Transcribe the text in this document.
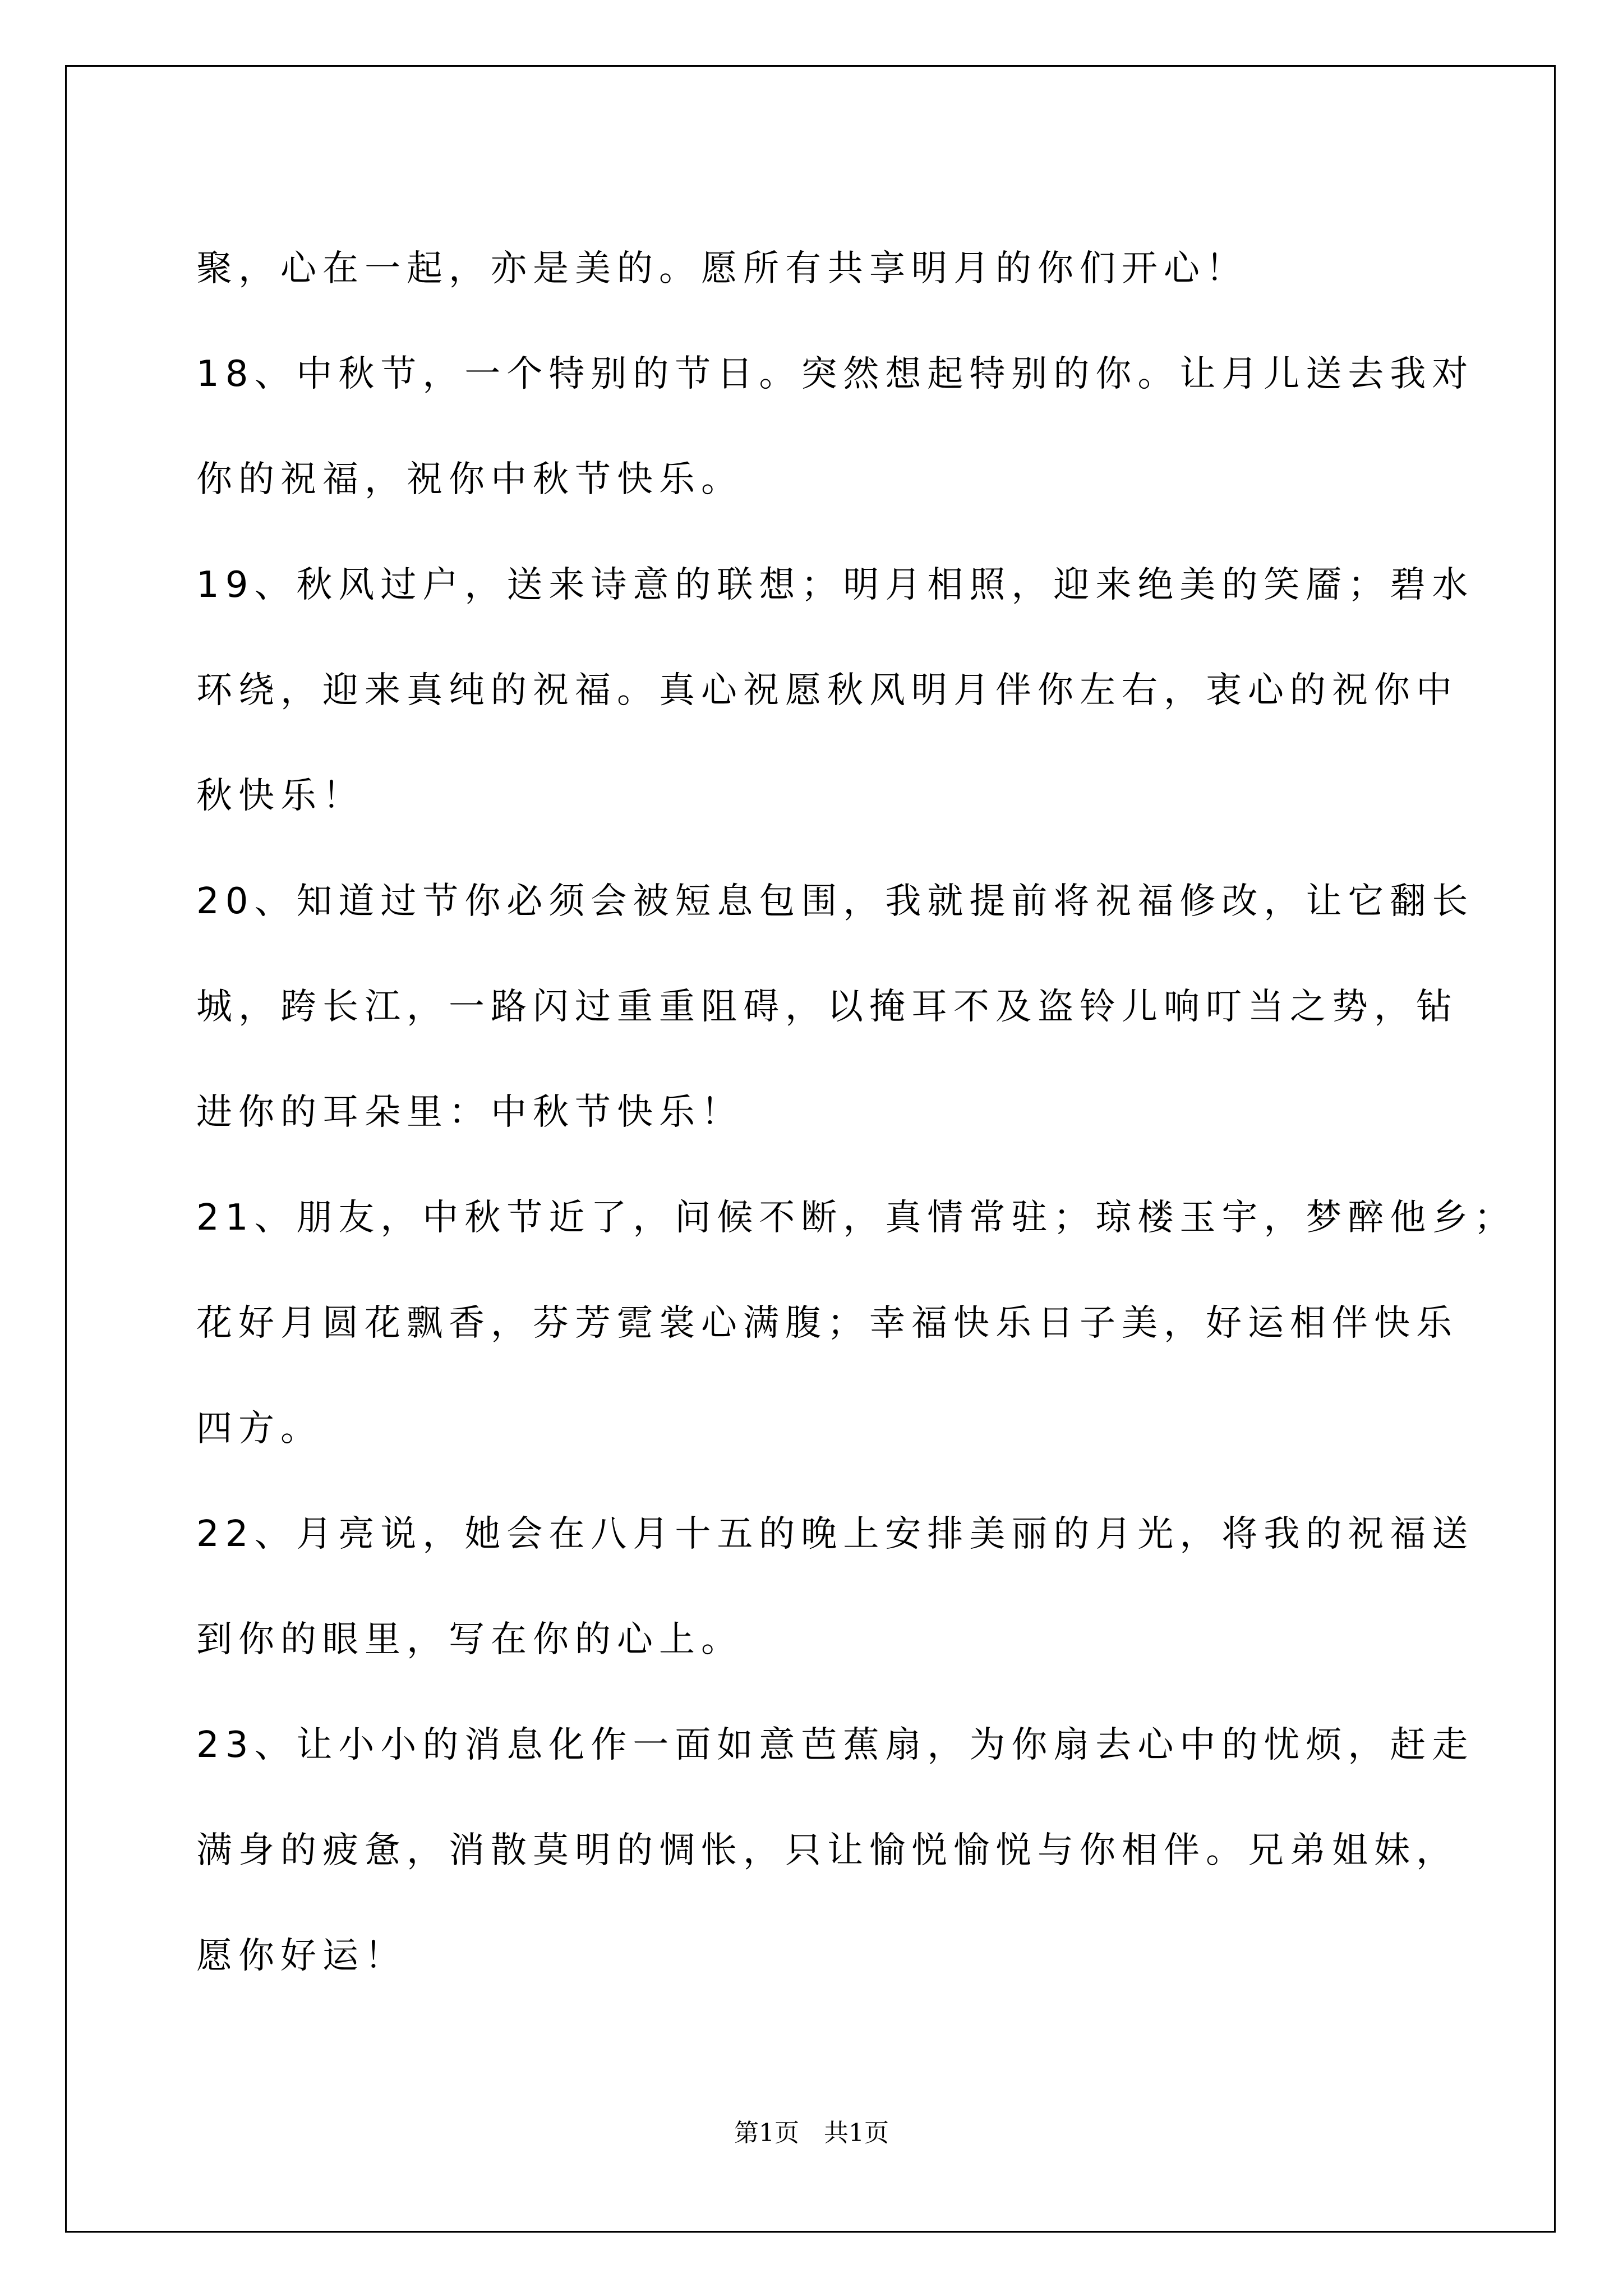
聚，心在一起，亦是美的。愿所有共享明月的你们开心！

18、中秋节，一个特别的节日。突然想起特别的你。让月儿送去我对
你的祝福，祝你中秋节快乐。

19、秋风过户，送来诗意的联想；明月相照，迎来绝美的笑靥；碧水
环绕，迎来真纯的祝福。真心祝愿秋风明月伴你左右，衷心的祝你中
秋快乐！

20、知道过节你必须会被短息包围，我就提前将祝福修改，让它翻长
城，跨长江，一路闪过重重阻碍，以掩耳不及盗铃儿响叮当之势，钻
进你的耳朵里：中秋节快乐！

21、朋友，中秋节近了，问候不断，真情常驻；琼楼玉宇，梦醉他乡；
花好月圆花飘香，芬芳霓裳心满腹；幸福快乐日子美，好运相伴快乐
四方。

22、月亮说，她会在八月十五的晚上安排美丽的月光，将我的祝福送
到你的眼里，写在你的心上。

23、让小小的消息化作一面如意芭蕉扇，为你扇去心中的忧烦，赶走
满身的疲惫，消散莫明的惆怅，只让愉悦愉悦与你相伴。兄弟姐妹，
愿你好运！

第1页　共1页
